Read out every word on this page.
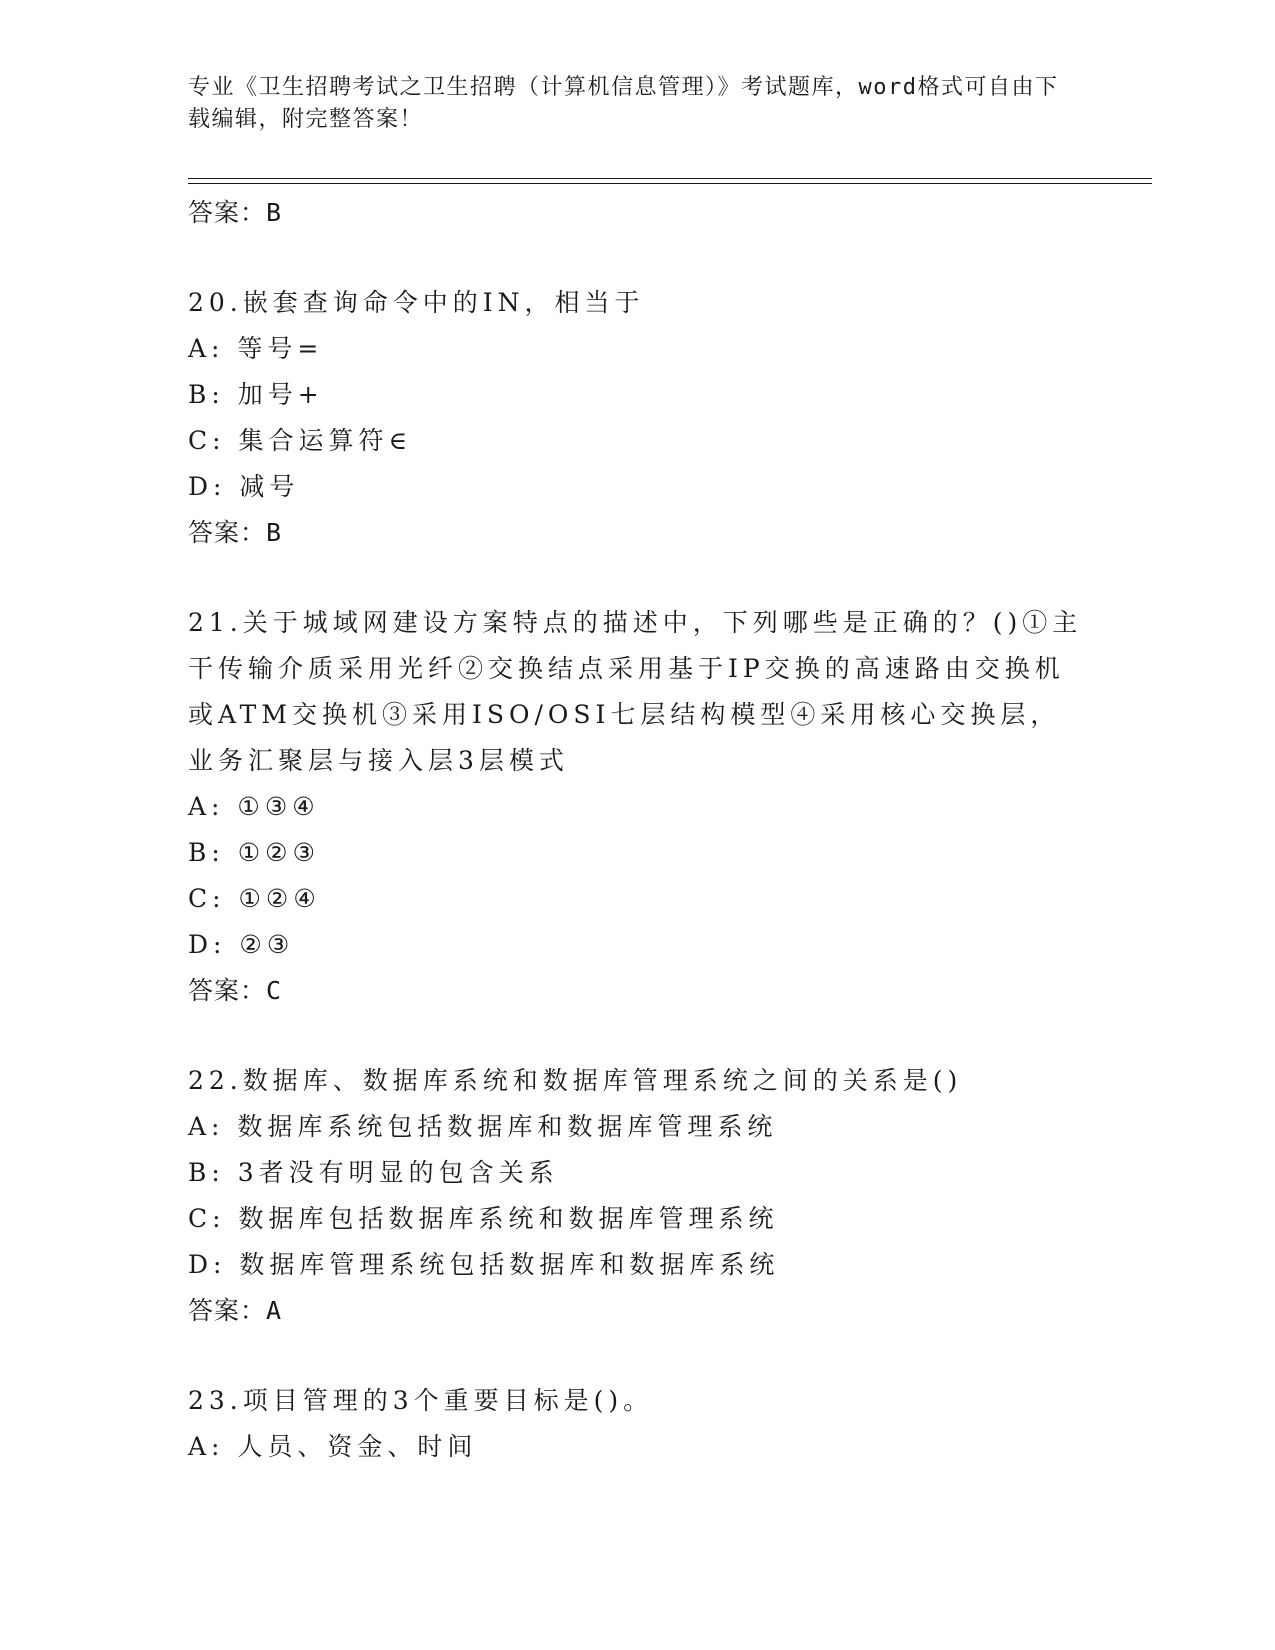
专业《卫生招聘考试之卫生招聘（计算机信息管理）》考试题库，word格式可自由下载编辑，附完整答案！
答案： B
20.嵌套查询命令中的IN，相当于
A: 等号=
B: 加号+
C: 集合运算符∈
D: 减号
答案： B
21.关于城域网建设方案特点的描述中，下列哪些是正确的？()①主干传输介质采用光纤②交换结点采用基于IP交换的高速路由交换机或ATM交换机③采用ISO/OSI七层结构模型④采用核心交换层，业务汇聚层与接入层3层模式
A: ①③④
B: ①②③
C: ①②④
D: ②③
答案： C
22.数据库、数据库系统和数据库管理系统之间的关系是()
A: 数据库系统包括数据库和数据库管理系统
B: 3者没有明显的包含关系
C: 数据库包括数据库系统和数据库管理系统
D: 数据库管理系统包括数据库和数据库系统
答案： A
23.项目管理的3个重要目标是()。
A: 人员、资金、时间
